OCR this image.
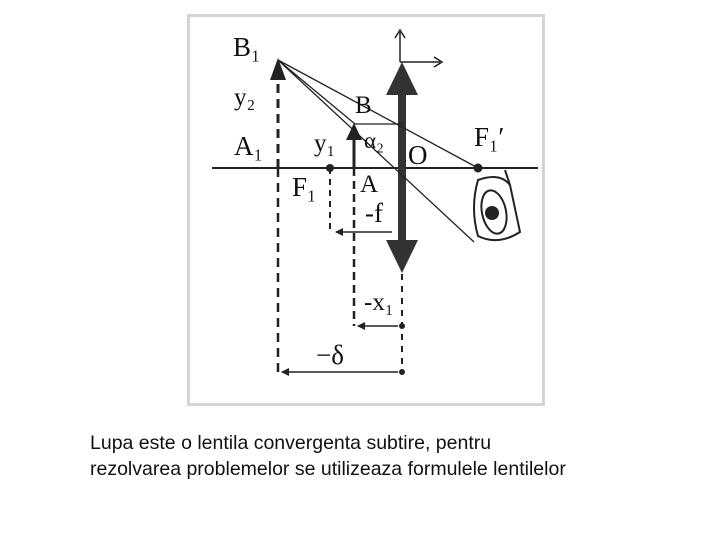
B₁
y₂
A₁ y₁
B
α₂ O
F₁′
F₁ A
-f
-x₁
−δ
Lupa este o lentila convergenta subtire, pentru
rezolvarea problemelor se utilizeaza formulele lentilelor
